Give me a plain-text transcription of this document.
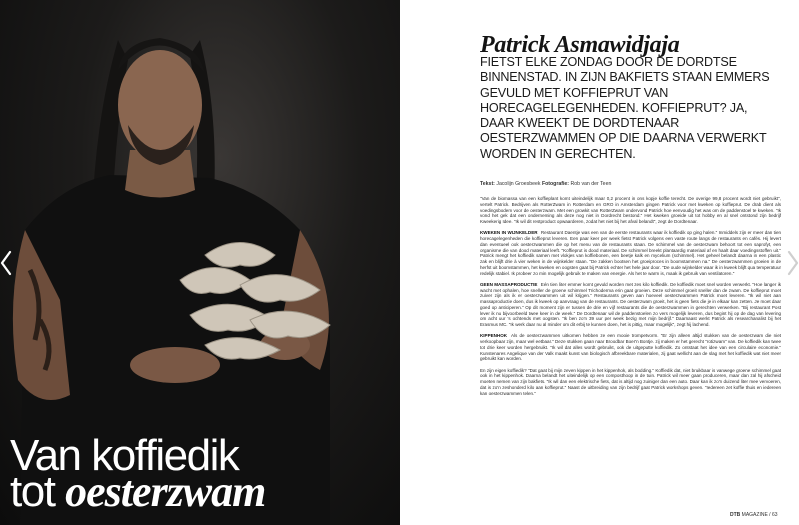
Van koffiedik
tot oesterzwam
Patrick Asmawidjaja
FIETST ELKE ZONDAG DOOR DE DORDTSE BINNENSTAD. IN ZIJN BAKFIETS STAAN EMMERS GEVULD MET KOFFIEPRUT VAN HORECAGELEGENHEDEN. KOFFIEPRUT? JA, DAAR KWEEKT DE DORDTENAAR OESTERZWAMMEN OP DIE DAARNA VERWERKT WORDEN IN GERECHTEN.
Tekst: Jacolijn Groesbeek Fotografie: Rob van der Teen

"Van de biomassa van een koffieplant komt uiteindelijk maar 0,2 procent in ons kopje koffie terecht. De overige 99,8 procent wordt niet gebruikt", vertelt Patrick. Bedrijven als RotterZwam in Rotterdam en GRO in Amsterdam gingen Patrick voor met kweken op koffieprut. De drab dient als voedingsbodem voor de oesterzwam. Met een growkit van RotterZwam ondervond Patrick hoe eenvoudig het was om de paddenstoel te kweken. "Ik vond het gek dat een onderneming als deze nog niet in Dordrecht bestond." Het kweken groeide uit tot hobby en al snel ontstond zijn bedrijf Kweekerig Idee. "Ik wil dit restproduct opwaarderen, zodat het niet bij het afval belandt", zegt de Dordtenaar.

KWEKEN IN WIJNKELDER Restaurant Daentje was een van de eerste restaurants waar ik koffiedik op ging halen." Inmiddels zijn er meer dan tien horecagelegenheden die koffieprut leveren. Een paar keer per week fietst Patrick volgens een vaste route langs de restaurants en cafés. Hij levert dan eventueel ook oesterzwammen die op het menu van de restaurants staan. De schimmel van de oesterzwam behoort tot een saprofyt, een organisme die van dood materiaal leeft. "Koffieprut is dood materiaal. De schimmel breekt plantaardig materiaal af en haalt daar voedingsstoffen uit." Patrick mengt het koffiedik samen met vlokjes van koffiebonen, een beetje kalk en mycelium (schimmel). Het geheel belandt daarna in een plastic zak en blijft drie à vier weken in de wijnkelder staan. "De zakken bootsen het groeiproces in boomstammen na." De oesterzwammen groeien in de herfst uit boomstammen, het kweken en oogsten gaat bij Patrick echter het hele jaar door. "De oude wijnkelder waar ik in kweek blijft qua temperatuur redelijk stabiel. Ik probeer zo min mogelijk gebruik te maken van energie. Als het te warm is, maak ik gebruik van ventilatoren."

GEEN MASSAPRODUCTIE Eén tien liter emmer komt gevuld worden met zes kilo koffiedik. De koffiedik moet snel worden verwerkt. "Hoe langer ik wacht met ophalen, hoe sneller de groene schimmel Trichoderma erin gaat groeien. Deze schimmel groeit sneller dan de zwam. De koffieprut moet zuiver zijn als ik er oesterzwammen uit wil krijgen." Restaurants geven aan hoeveel oesterzwammen Patrick moet leveren. "Ik wil niet aan massaproductie doen, dus ik kweek op aanvraag van de restaurants. De oesterzwam groeit, het is geen fiets die je in elkaar kan zetten. Je moet daar goed op anticiperen." Op dit moment zijn er tussen de drie en vijf restaurants die de oesterzwammen in gerechten verwerken. "Bij restaurant Post lever ik nu bijvoorbeeld twee keer in de week." De Dordtenaar wil de paddenstoelen zo vers mogelijk leveren, dus begint hij op de dag van levering om acht uur 's ochtends met oogsten. "Ik ben zo'n 39 uur per week bezig met mijn bedrijf." Daarnaast werkt Patrick als researchanalist bij het Erasmus MC. "Ik werk daar nu al minder om dit erbij te kunnen doen, het is pittig, maar mogelijk", zegt hij lachend.

KIPPENHOK Als de oesterzwammen uitkomen hebben ze een mooie trompetvorm. "Er zijn alleen altijd stukken van de oesterzwam die niet verkoopbaar zijn, maar wel eetbaar." Deze stukken gaan naar Broodbar Boer'n Bontje. zij maken er het gerecht "rotizwam" van. De koffiedik kan twee tot drie keer worden hergebruikt. "Ik wil dat alles wordt gebruikt, ook de uitgeputte koffiedik. Zo ontstaat het idee van een circulaire economie." Kunstenares Angelique van der Valk maakt kunst van biologisch afbreekbare materialen, zij gaat wellicht aan de slag met het koffiedik wat niet meer gebruikt kan worden.

En zijn eigen koffiedik? "Dat gaat bij mijn zeven kippen in het kippenhok, als bodding." Koffiedik dat, niet bruikbaar is vanwege groene schimmel gaat ook in het kippenhok. Daarna belandt het uiteindelijk op een composthoop in de tuin. Patrick wil meer gaan produceren, maar dan zal hij afscheid moeten nemen van zijn bakfiets. "Ik wil dan een elektrische fiets, dat is altijd nog zuiniger dan een auto. Daar kan ik zo'n duizend liter mee vervoeren, dat is zo'n zeshonderd kilo aan koffieprut." Naast de uitbreiding van zijn bedrijf gaat Patrick workshops geven. "Iedereen zet koffie thuis en iedereen kan oesterzwammen telen."

DTB MAGAZINE / 63
